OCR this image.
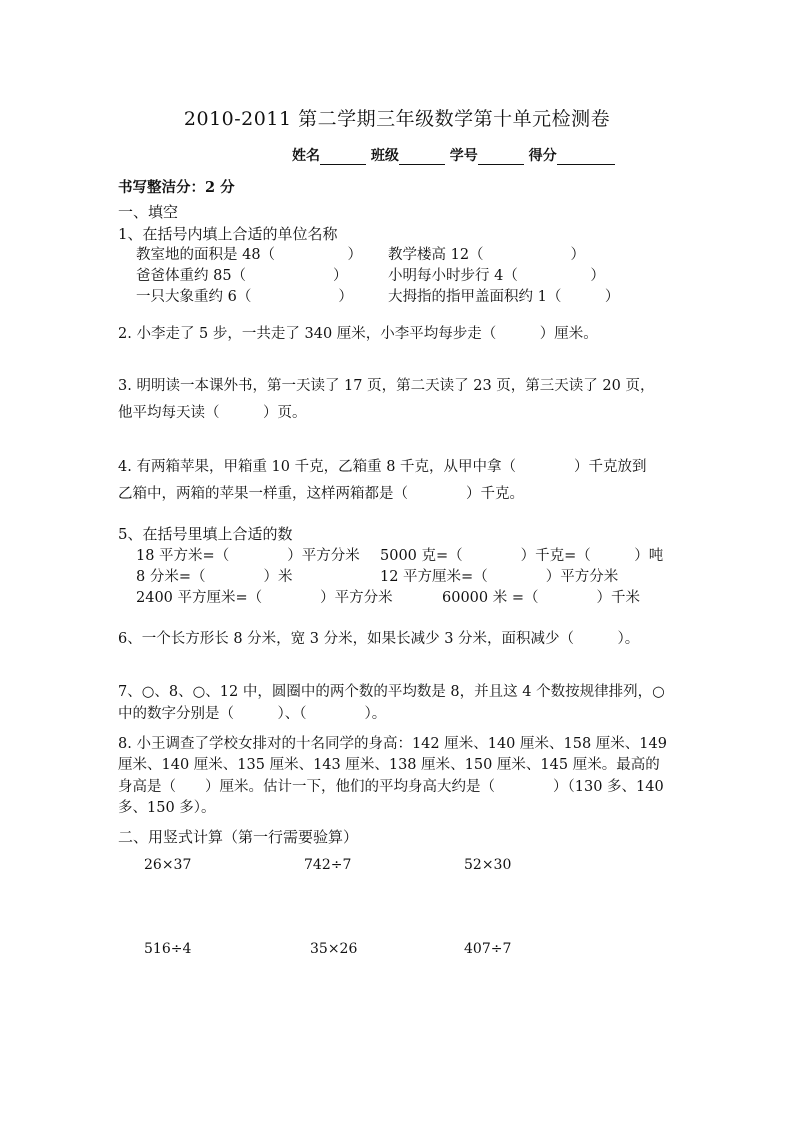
2010-2011 第二学期三年级数学第十单元检测卷
姓名	班级	学号	得分
书写整洁分：2 分
一、填空
1、在括号内填上合适的单位名称
教室地的面积是 48（　　　　　） 教学楼高 12（　　　　　　）
爸爸体重约 85（　　　　　　）	小明每小时步行 4（　　　　　）
一只大象重约 6（　　　　　　） 大拇指的指甲盖面积约 1（　　　）
2. 小李走了 5 步，一共走了 340 厘米，小李平均每步走（　　　）厘米。
3. 明明读一本课外书，第一天读了 17 页，第二天读了 23 页，第三天读了 20 页，
他平均每天读（　　　）页。
4. 有两箱苹果，甲箱重 10 千克，乙箱重 8 千克，从甲中拿（　　　　）千克放到
乙箱中，两箱的苹果一样重，这样两箱都是（　　　　）千克。
5、在括号里填上合适的数
18 平方米=（　　　　）平方分米 5000 克=（　　　　）千克=（　　　）吨
8 分米=（　　　　）米	12 平方厘米=（　　　　）平方分米
2400 平方厘米=（　　　　）平方分米	60000 米 =（　　　　）千米
6、一个长方形长 8 分米，宽 3 分米，如果长减少 3 分米，面积减少（　　　）。
7、○、8、○、12 中，圆圈中的两个数的平均数是 8，并且这 4 个数按规律排列，○
中的数字分别是（　　　）、（　　　　）。
8. 小王调查了学校女排对的十名同学的身高：142 厘米、140 厘米、158 厘米、149
厘米、140 厘米、135 厘米、143 厘米、138 厘米、150 厘米、145 厘米。最高的
身高是（　　）厘米。估计一下，他们的平均身高大约是（　　　　）（130 多、140
多、150 多）。
二、用竖式计算（第一行需要验算）
26×37	742÷7	52×30
516÷4	35×26	407÷7
